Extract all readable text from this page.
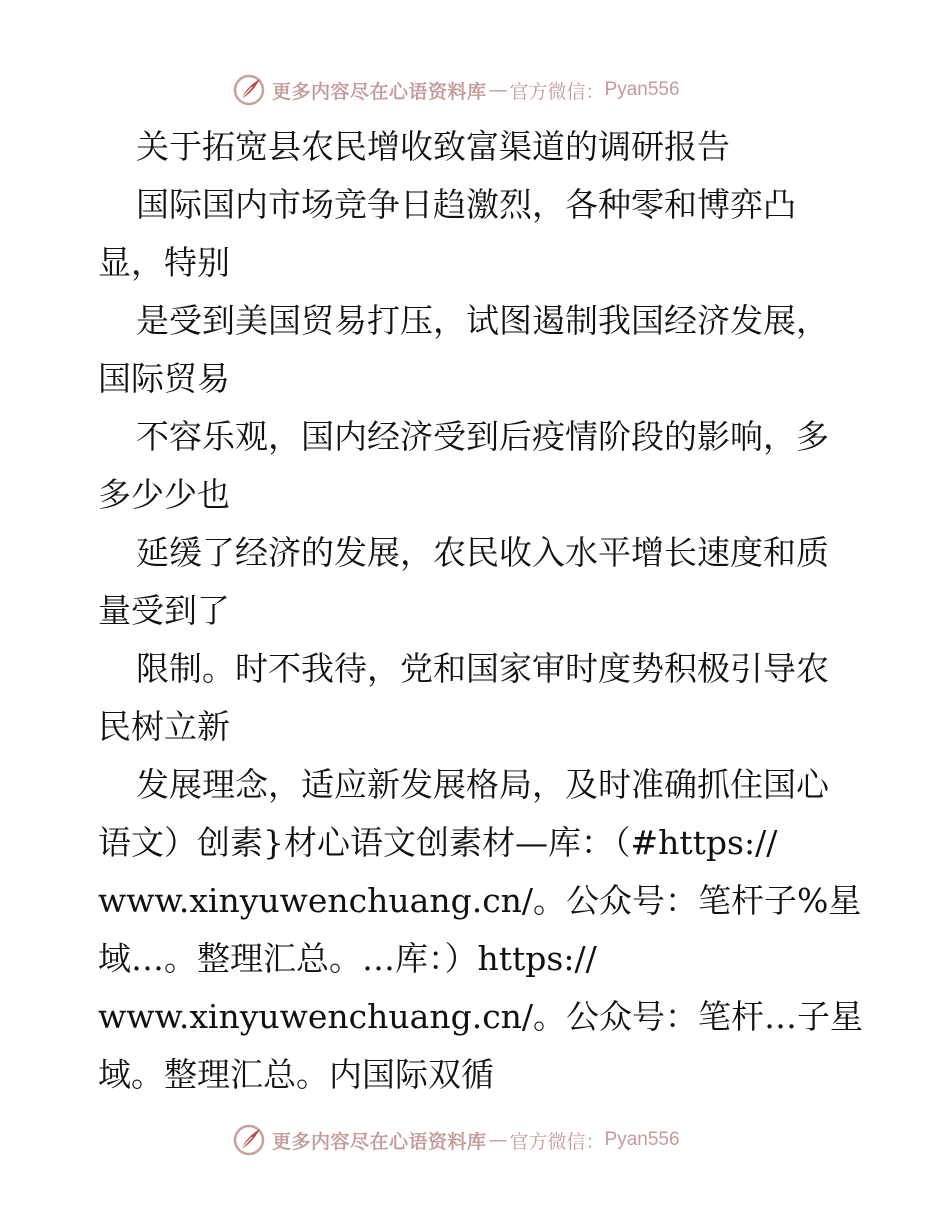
更多内容尽在心语资料库 — 官方微信： Pyan556
关于拓宽县农民增收致富渠道的调研报告
国际国内市场竞争日趋激烈，各种零和博弈凸
显，特别
是受到美国贸易打压，试图遏制我国经济发展，
国际贸易
不容乐观，国内经济受到后疫情阶段的影响，多
多少少也
延缓了经济的发展，农民收入水平增长速度和质
量受到了
限制。时不我待，党和国家审时度势积极引导农
民树立新
发展理念，适应新发展格局，及时准确抓住国心
语文）创素}材心语文创素材—库：（#https://
www.xinyuwenchuang.cn/。公众号：笔杆子%星
域…。整理汇总。…库：）https://
www.xinyuwenchuang.cn/。公众号：笔杆…子星
域。整理汇总。内国际双循
更多内容尽在心语资料库 — 官方微信： Pyan556
